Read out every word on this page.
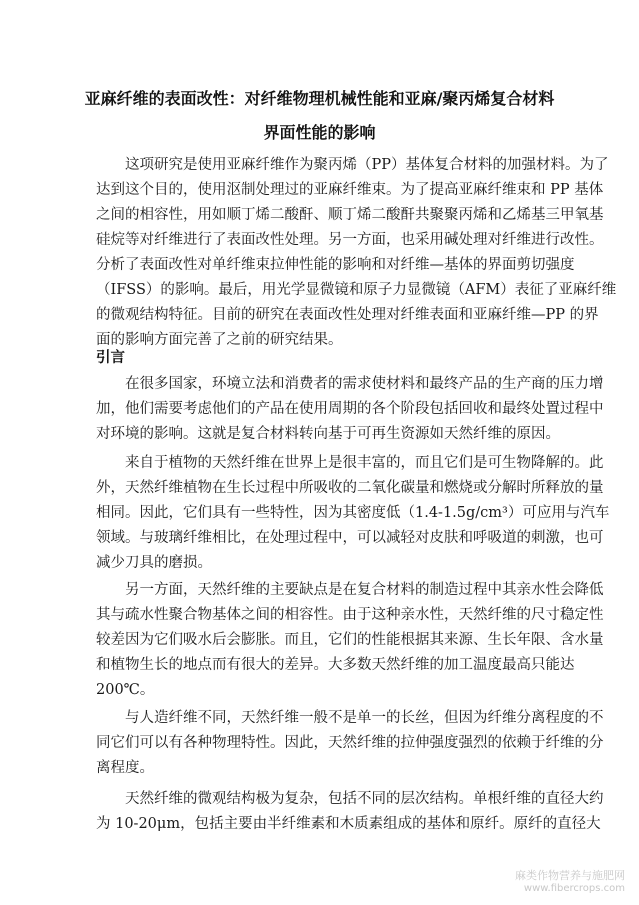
亚麻纤维的表面改性：对纤维物理机械性能和亚麻/聚丙烯复合材料
界面性能的影响
这项研究是使用亚麻纤维作为聚丙烯（PP）基体复合材料的加强材料。为了
达到这个目的，使用沤制处理过的亚麻纤维束。为了提高亚麻纤维束和 PP 基体
之间的相容性，用如顺丁烯二酸酐、顺丁烯二酸酐共聚聚丙烯和乙烯基三甲氧基
硅烷等对纤维进行了表面改性处理。另一方面，也采用碱处理对纤维进行改性。
分析了表面改性对单纤维束拉伸性能的影响和对纤维—基体的界面剪切强度
（IFSS）的影响。最后，用光学显微镜和原子力显微镜（AFM）表征了亚麻纤维
的微观结构特征。目前的研究在表面改性处理对纤维表面和亚麻纤维—PP 的界
面的影响方面完善了之前的研究结果。
引言
在很多国家，环境立法和消费者的需求使材料和最终产品的生产商的压力增
加，他们需要考虑他们的产品在使用周期的各个阶段包括回收和最终处置过程中
对环境的影响。这就是复合材料转向基于可再生资源如天然纤维的原因。
来自于植物的天然纤维在世界上是很丰富的，而且它们是可生物降解的。此
外，天然纤维植物在生长过程中所吸收的二氧化碳量和燃烧或分解时所释放的量
相同。因此，它们具有一些特性，因为其密度低（1.4-1.5g/cm³）可应用与汽车
领域。与玻璃纤维相比，在处理过程中，可以减轻对皮肤和呼吸道的刺激，也可
减少刀具的磨损。
另一方面，天然纤维的主要缺点是在复合材料的制造过程中其亲水性会降低
其与疏水性聚合物基体之间的相容性。由于这种亲水性，天然纤维的尺寸稳定性
较差因为它们吸水后会膨胀。而且，它们的性能根据其来源、生长年限、含水量
和植物生长的地点而有很大的差异。大多数天然纤维的加工温度最高只能达
200℃。
与人造纤维不同，天然纤维一般不是单一的长丝，但因为纤维分离程度的不
同它们可以有各种物理特性。因此，天然纤维的拉伸强度强烈的依赖于纤维的分
离程度。
天然纤维的微观结构极为复杂，包括不同的层次结构。单根纤维的直径大约
为 10-20μm，包括主要由半纤维素和木质素组成的基体和原纤。原纤的直径大
麻类作物营养与施肥网
www.fibercrops.com
